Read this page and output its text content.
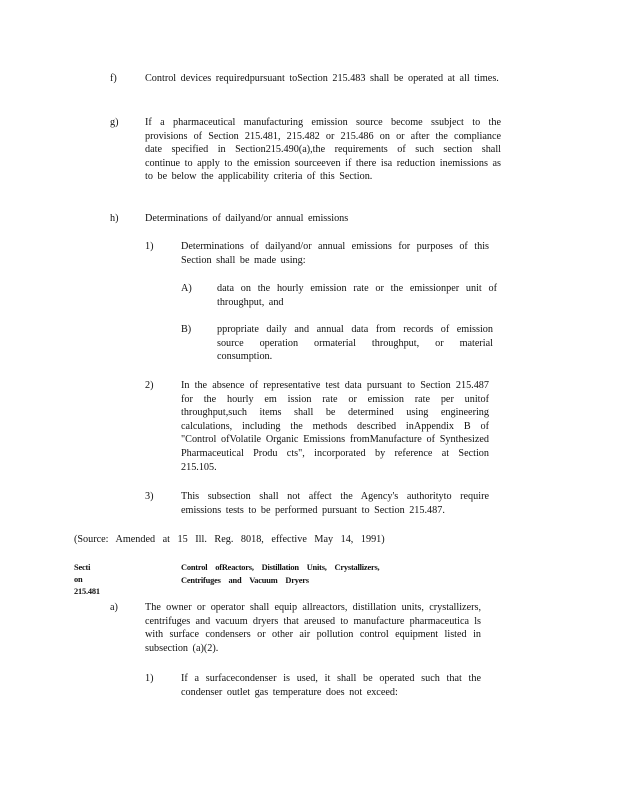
f)	Control devices requiredpursuant toSection 215.483 shall be operated at all times.

g)	If a pharmaceutical manufacturing emission source become ssubject to the provisions of Section 215.481, 215.482 or 215.486 on or after the compliance date specified in Section215.490(a),the requirements of such section shall continue to apply to the emission sourceeven if there isa reduction inemissions as to be below the applicability criteria of this Section.

h)	Determinations of dailyand/or annual emissions

1)	Determinations of dailyand/or annual emissions for purposes of this Section shall be made using:

A) data on the hourly emission rate or the emissionper unit of throughput, and

B)	ppropriate daily and annual data from records of emission source operation ormaterial throughput, or material consumption.

2)	In the absence of representative test data pursuant to Section 215.487 for the hourly em ission rate or emission rate per unitof throughput,such items shall be determined using engineering calculations, including the methods described inAppendix B of "Control ofVolatile Organic Emissions fromManufacture of Synthesized Pharmaceutical Produ cts", incorporated by reference at Section 215.105.

3)	This subsection shall not affect the Agency's authorityto require emissions tests to be performed pursuant to Section 215.487.

(Source: Amended at 15 Ill. Reg. 8018, effective May 14, 1991)

Secti on 215.481

Control ofReactors, Distillation Units, Crystallizers,

Centrifuges and Vacuum Dryers

a)	The owner or operator shall equip allreactors, distillation units, crystallizers, centrifuges and vacuum dryers that areused to manufacture pharmaceutica ls with surface condensers or other air pollution control equipment listed in subsection (a)(2).

1)	If a surfacecondenser is used, it shall be operated such that the condenser outlet gas temperature does not exceed:
